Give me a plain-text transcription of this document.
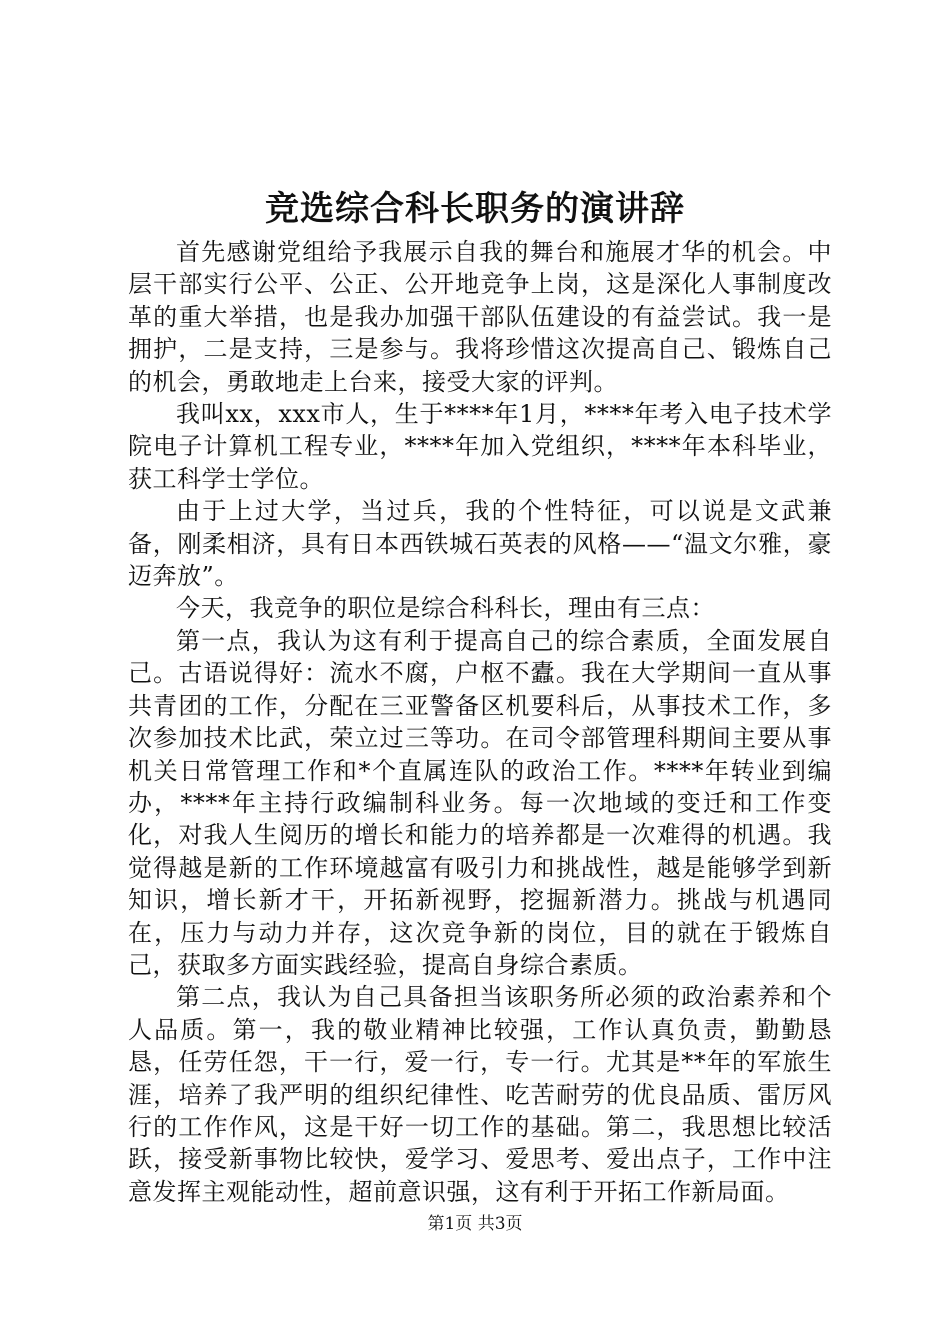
竞选综合科长职务的演讲辞

首先感谢党组给予我展示自我的舞台和施展才华的机会。中层干部实行公平、公正、公开地竞争上岗，这是深化人事制度改革的重大举措，也是我办加强干部队伍建设的有益尝试。我一是拥护，二是支持，三是参与。我将珍惜这次提高自己、锻炼自己的机会，勇敢地走上台来，接受大家的评判。

我叫xx，xxx市人，生于****年1月，****年考入电子技术学院电子计算机工程专业，****年加入党组织，****年本科毕业，获工科学士学位。

由于上过大学，当过兵，我的个性特征，可以说是文武兼备，刚柔相济，具有日本西铁城石英表的风格——“温文尔雅，豪迈奔放”。

今天，我竞争的职位是综合科科长，理由有三点：

第一点，我认为这有利于提高自己的综合素质，全面发展自己。古语说得好：流水不腐，户枢不蠹。我在大学期间一直从事共青团的工作，分配在三亚警备区机要科后，从事技术工作，多次参加技术比武，荣立过三等功。在司令部管理科期间主要从事机关日常管理工作和*个直属连队的政治工作。****年转业到编办，****年主持行政编制科业务。每一次地域的变迁和工作变化，对我人生阅历的增长和能力的培养都是一次难得的机遇。我觉得越是新的工作环境越富有吸引力和挑战性，越是能够学到新知识，增长新才干，开拓新视野，挖掘新潜力。挑战与机遇同在，压力与动力并存，这次竞争新的岗位，目的就在于锻炼自己，获取多方面实践经验，提高自身综合素质。

第二点，我认为自己具备担当该职务所必须的政治素养和个人品质。第一，我的敬业精神比较强，工作认真负责，勤勤恳恳，任劳任怨，干一行，爱一行，专一行。尤其是**年的军旅生涯，培养了我严明的组织纪律性、吃苦耐劳的优良品质、雷厉风行的工作作风，这是干好一切工作的基础。第二，我思想比较活跃，接受新事物比较快，爱学习、爱思考、爱出点子，工作中注意发挥主观能动性，超前意识强，这有利于开拓工作新局面。

第1页 共3页
